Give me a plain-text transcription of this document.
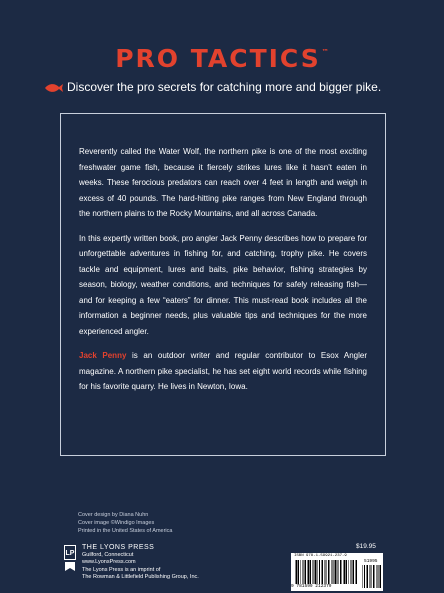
PRO TACTICS™
Discover the pro secrets for catching more and bigger pike.

Reverently called the Water Wolf, the northern pike is one of the most exciting freshwater game fish, because it fiercely strikes lures like it hasn't eaten in weeks. These ferocious predators can reach over 4 feet in length and weigh in excess of 40 pounds. The hard-hitting pike ranges from New England through the northern plains to the Rocky Mountains, and all across Canada.

In this expertly written book, pro angler Jack Penny describes how to prepare for unforgettable adventures in fishing for, and catching, trophy pike. He covers tackle and equipment, lures and baits, pike behavior, fishing strategies by season, biology, weather conditions, and techniques for safely releasing fish—and for keeping a few “eaters” for dinner. This must-read book includes all the information a beginner needs, plus valuable tips and techniques for the more experienced angler.

Jack Penny is an outdoor writer and regular contributor to Esox Angler magazine. A northern pike specialist, he has set eight world records while fishing for his favorite quarry. He lives in Newton, Iowa.

Cover design by Diana Nuhn
Cover image ©Windigo Images
Printed in the United States of America
LP
THE LYONS PRESS
Guilford, Connecticut
www.LyonsPress.com
The Lyons Press is an imprint of
The Rowman & Littlefield Publishing Group, Inc.
$19.95
ISBN 978-1-59921-237-9
9 781599 212379
51995
